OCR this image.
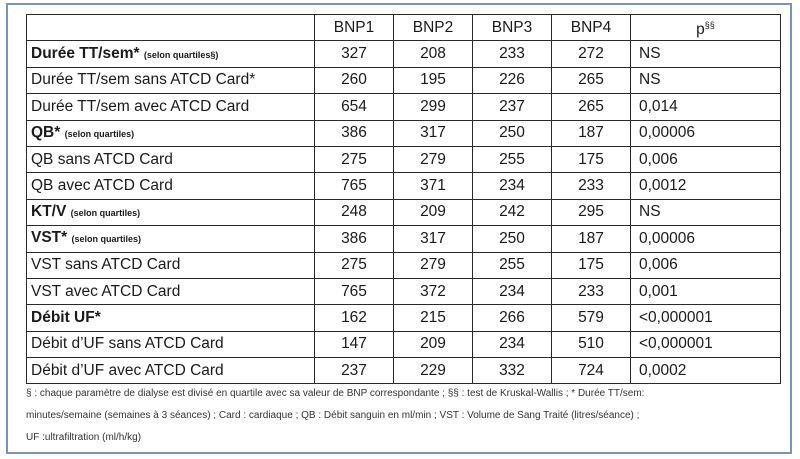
	BNP1	BNP2	BNP3	BNP4	p§§
Durée TT/sem* (selon quartiles§)	327	208	233	272	NS
Durée TT/sem sans ATCD Card*	260	195	226	265	NS
Durée TT/sem avec ATCD Card	654	299	237	265	0,014
QB* (selon quartiles)	386	317	250	187	0,00006
QB sans ATCD Card	275	279	255	175	0,006
QB avec ATCD Card	765	371	234	233	0,0012
KT/V (selon quartiles)	248	209	242	295	NS
VST* (selon quartiles)	386	317	250	187	0,00006
VST sans ATCD Card	275	279	255	175	0,006
VST avec ATCD Card	765	372	234	233	0,001
Débit UF*	162	215	266	579	<0,000001
Débit d’UF sans ATCD Card	147	209	234	510	<0,000001
Débit d’UF avec ATCD Card	237	229	332	724	0,0002
§ : chaque paramètre de dialyse est divisé en quartile avec sa valeur de BNP correspondante ; §§ : test de Kruskal-Wallis ; * Durée TT/sem:
minutes/semaine (semaines à 3 séances) ; Card : cardiaque ; QB : Débit sanguin en ml/min ; VST : Volume de Sang Traité (litres/séance) ;
UF :ultrafiltration (ml/h/kg)
